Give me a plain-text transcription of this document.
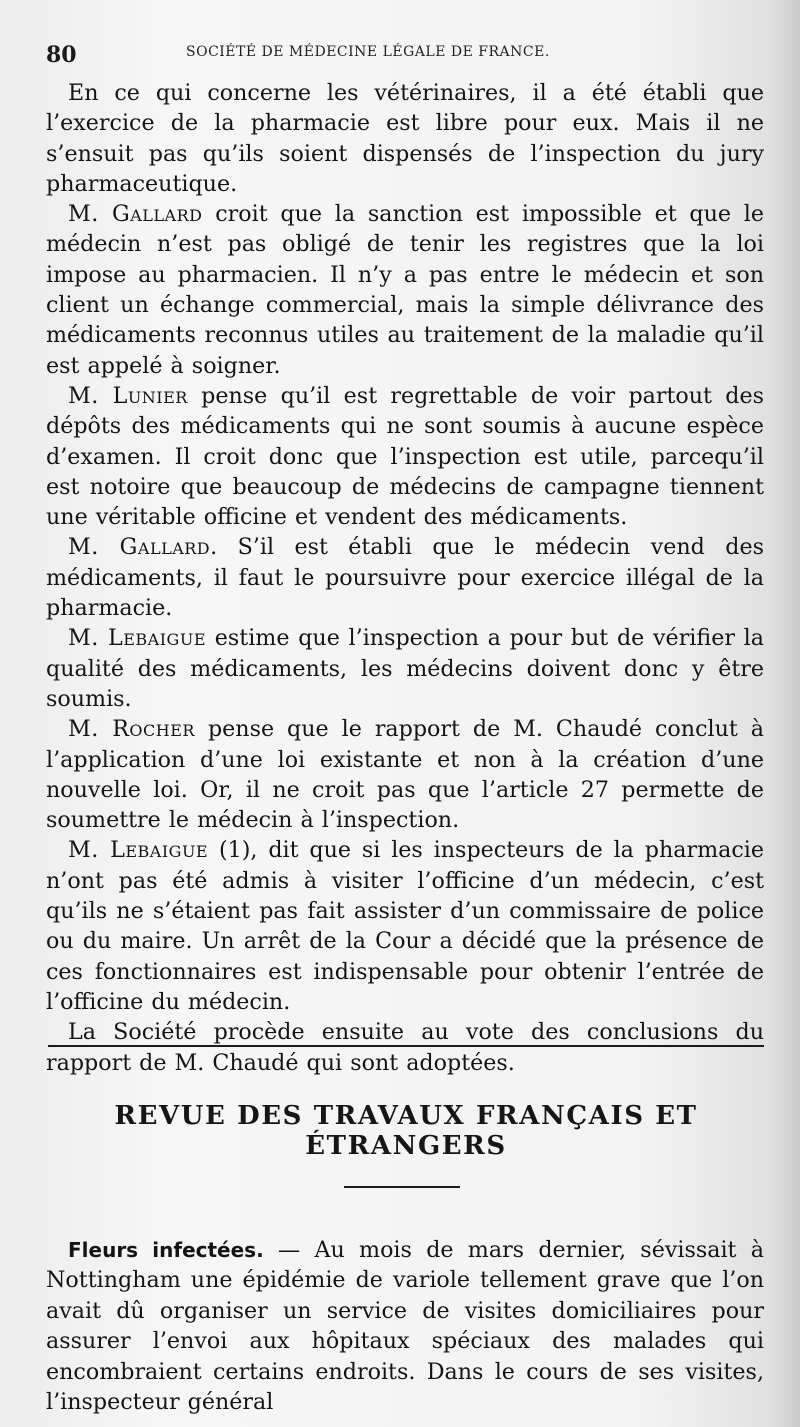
80	SOCIÉTÉ DE MÉDECINE LÉGALE DE FRANCE.

En ce qui concerne les vétérinaires, il a été établi que l’exercice de la pharmacie est libre pour eux. Mais il ne s’ensuit pas qu’ils soient dispensés de l’inspection du jury pharmaceutique.

M. Gallard croit que la sanction est impossible et que le médecin n’est pas obligé de tenir les registres que la loi impose au pharmacien. Il n’y a pas entre le médecin et son client un échange commercial, mais la simple délivrance des médicaments reconnus utiles au traitement de la maladie qu’il est appelé à soigner.

M. Lunier pense qu’il est regrettable de voir partout des dépôts des médicaments qui ne sont soumis à aucune espèce d’examen. Il croit donc que l’inspection est utile, parcequ’il est notoire que beaucoup de médecins de campagne tiennent une véritable officine et vendent des médicaments.

M. Gallard. S’il est établi que le médecin vend des médicaments, il faut le poursuivre pour exercice illégal de la pharmacie.

M. Lebaigue estime que l’inspection a pour but de vérifier la qualité des médicaments, les médecins doivent donc y être soumis.

M. Rocher pense que le rapport de M. Chaudé conclut à l’application d’une loi existante et non à la création d’une nouvelle loi. Or, il ne croit pas que l’article 27 permette de soumettre le médecin à l’inspection.

M. Lebaigue (1), dit que si les inspecteurs de la pharmacie n’ont pas été admis à visiter l’officine d’un médecin, c’est qu’ils ne s’étaient pas fait assister d’un commissaire de police ou du maire. Un arrêt de la Cour a décidé que la présence de ces fonctionnaires est indispensable pour obtenir l’entrée de l’officine du médecin.

La Société procède ensuite au vote des conclusions du rapport de M. Chaudé qui sont adoptées.

REVUE DES TRAVAUX FRANÇAIS ET ÉTRANGERS

Fleurs infectées. — Au mois de mars dernier, sévissait à Nottingham une épidémie de variole tellement grave que l’on avait dû organiser un service de visites domiciliaires pour assurer l’envoi aux hôpitaux spéciaux des malades qui encombraient certains endroits. Dans le cours de ses visites, l’inspecteur général
